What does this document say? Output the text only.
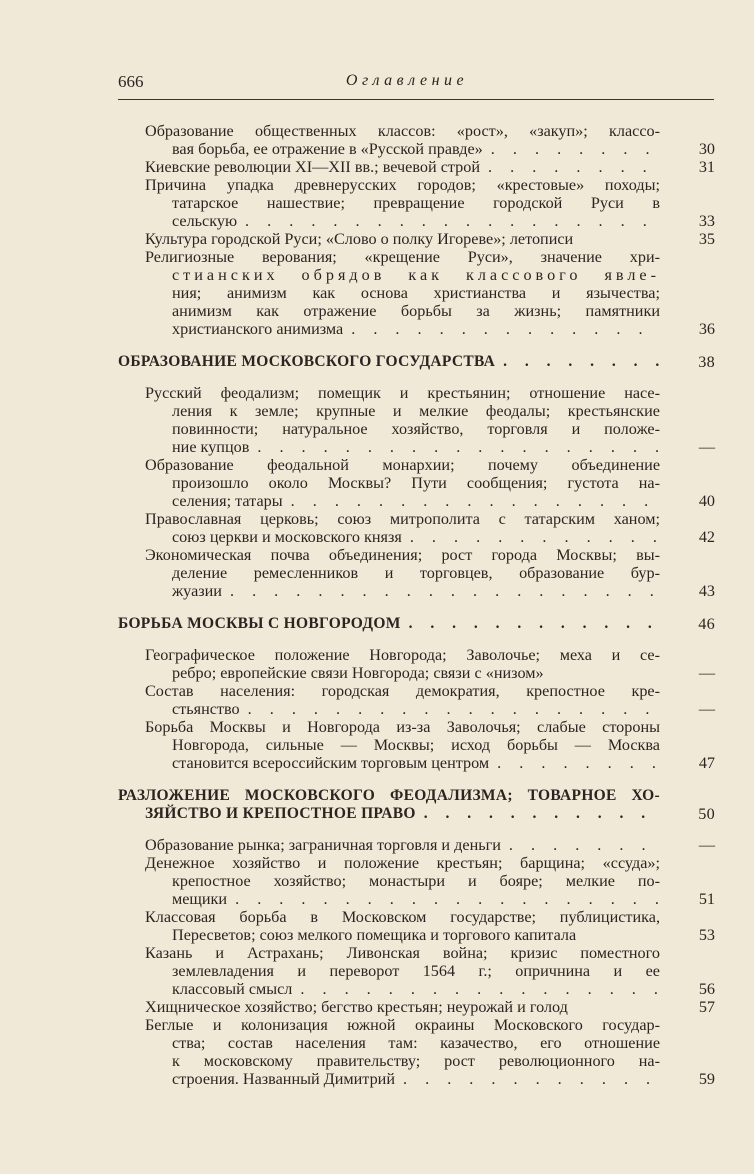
666	Оглавление
Образование общественных классов: «рост», «закуп»; классо-
вая борьба, ее отражение в «Русской правде» . . .	30
Киевские революции XI—XII вв.; вечевой строй . . .	31
Причина упадка древнерусских городов; «крестовые» походы;
татарское нашествие; превращение городской Руси в
сельскую . . .	33
Культура городской Руси; «Слово о полку Игореве»; летописи	35
Религиозные верования; «крещение Руси», значение хри-
стианских обрядов как классового явле-
ния; анимизм как основа христианства и язычества;
анимизм как отражение борьбы за жизнь; памятники
христианского анимизма . . .	36
ОБРАЗОВАНИЕ МОСКОВСКОГО ГОСУДАРСТВА . . .	38
Русский феодализм; помещик и крестьянин; отношение насе-
ления к земле; крупные и мелкие феодалы; крестьянские
повинности; натуральное хозяйство, торговля и положе-
ние купцов . . .	—
Образование феодальной монархии; почему объединение
произошло около Москвы? Пути сообщения; густота на-
селения; татары . . .	40
Православная церковь; союз митрополита с татарским ханом;
союз церкви и московского князя . . .	42
Экономическая почва объединения; рост города Москвы; вы-
деление ремесленников и торговцев, образование бур-
жуазии . . .	43
БОРЬБА МОСКВЫ С НОВГОРОДОМ . . .	46
Географическое положение Новгорода; Заволочье; меха и се-
ребро; европейские связи Новгорода; связи с «низом»	—
Состав населения: городская демократия, крепостное кре-
стьянство . . .	—
Борьба Москвы и Новгорода из-за Заволочья; слабые стороны
Новгорода, сильные — Москвы; исход борьбы — Москва
становится всероссийским торговым центром . . .	47
РАЗЛОЖЕНИЕ МОСКОВСКОГО ФЕОДАЛИЗМА; ТОВАРНОЕ ХО-
ЗЯЙСТВО И КРЕПОСТНОЕ ПРАВО . . .	50
Образование рынка; заграничная торговля и деньги . . .	—
Денежное хозяйство и положение крестьян; барщина; «ссуда»;
крепостное хозяйство; монастыри и бояре; мелкие по-
мещики . . .	51
Классовая борьба в Московском государстве; публицистика,
Пересветов; союз мелкого помещика и торгового капитала	53
Казань и Астрахань; Ливонская война; кризис поместного
землевладения и переворот 1564 г.; опричнина и ее
классовый смысл . . .	56
Хищническое хозяйство; бегство крестьян; неурожай и голод	57
Беглые и колонизация южной окраины Московского государ-
ства; состав населения там: казачество, его отношение
к московскому правительству; рост революционного на-
строения. Названный Димитрий . . .	59
